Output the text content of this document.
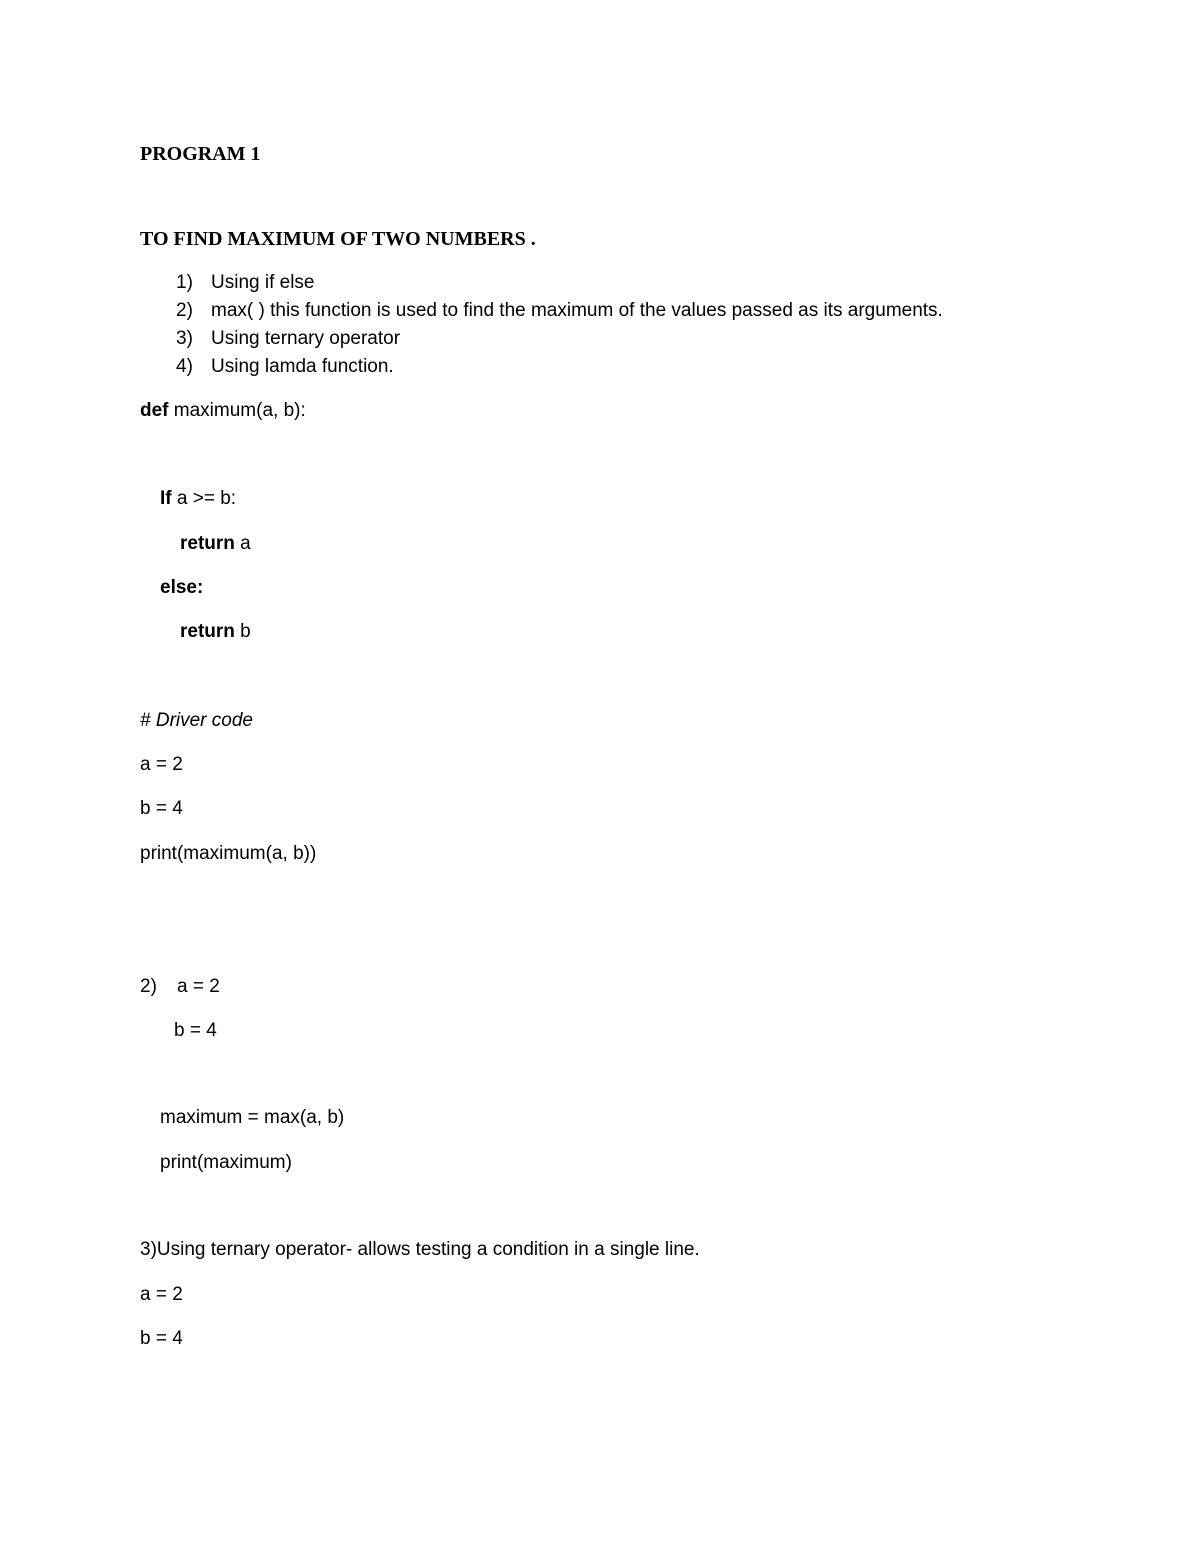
PROGRAM 1
TO FIND MAXIMUM OF TWO NUMBERS .
1) Using if else
2) max( ) this function is used to find the maximum of the values passed as its arguments.
3) Using ternary operator
4) Using lamda function.
def maximum(a, b):
If a >= b:
return a
else:
return b
# Driver code
a = 2
b = 4
print(maximum(a, b))
2) a = 2
b = 4
maximum = max(a, b)
print(maximum)
3)Using ternary operator- allows testing a condition in a single line.
a = 2
b = 4
